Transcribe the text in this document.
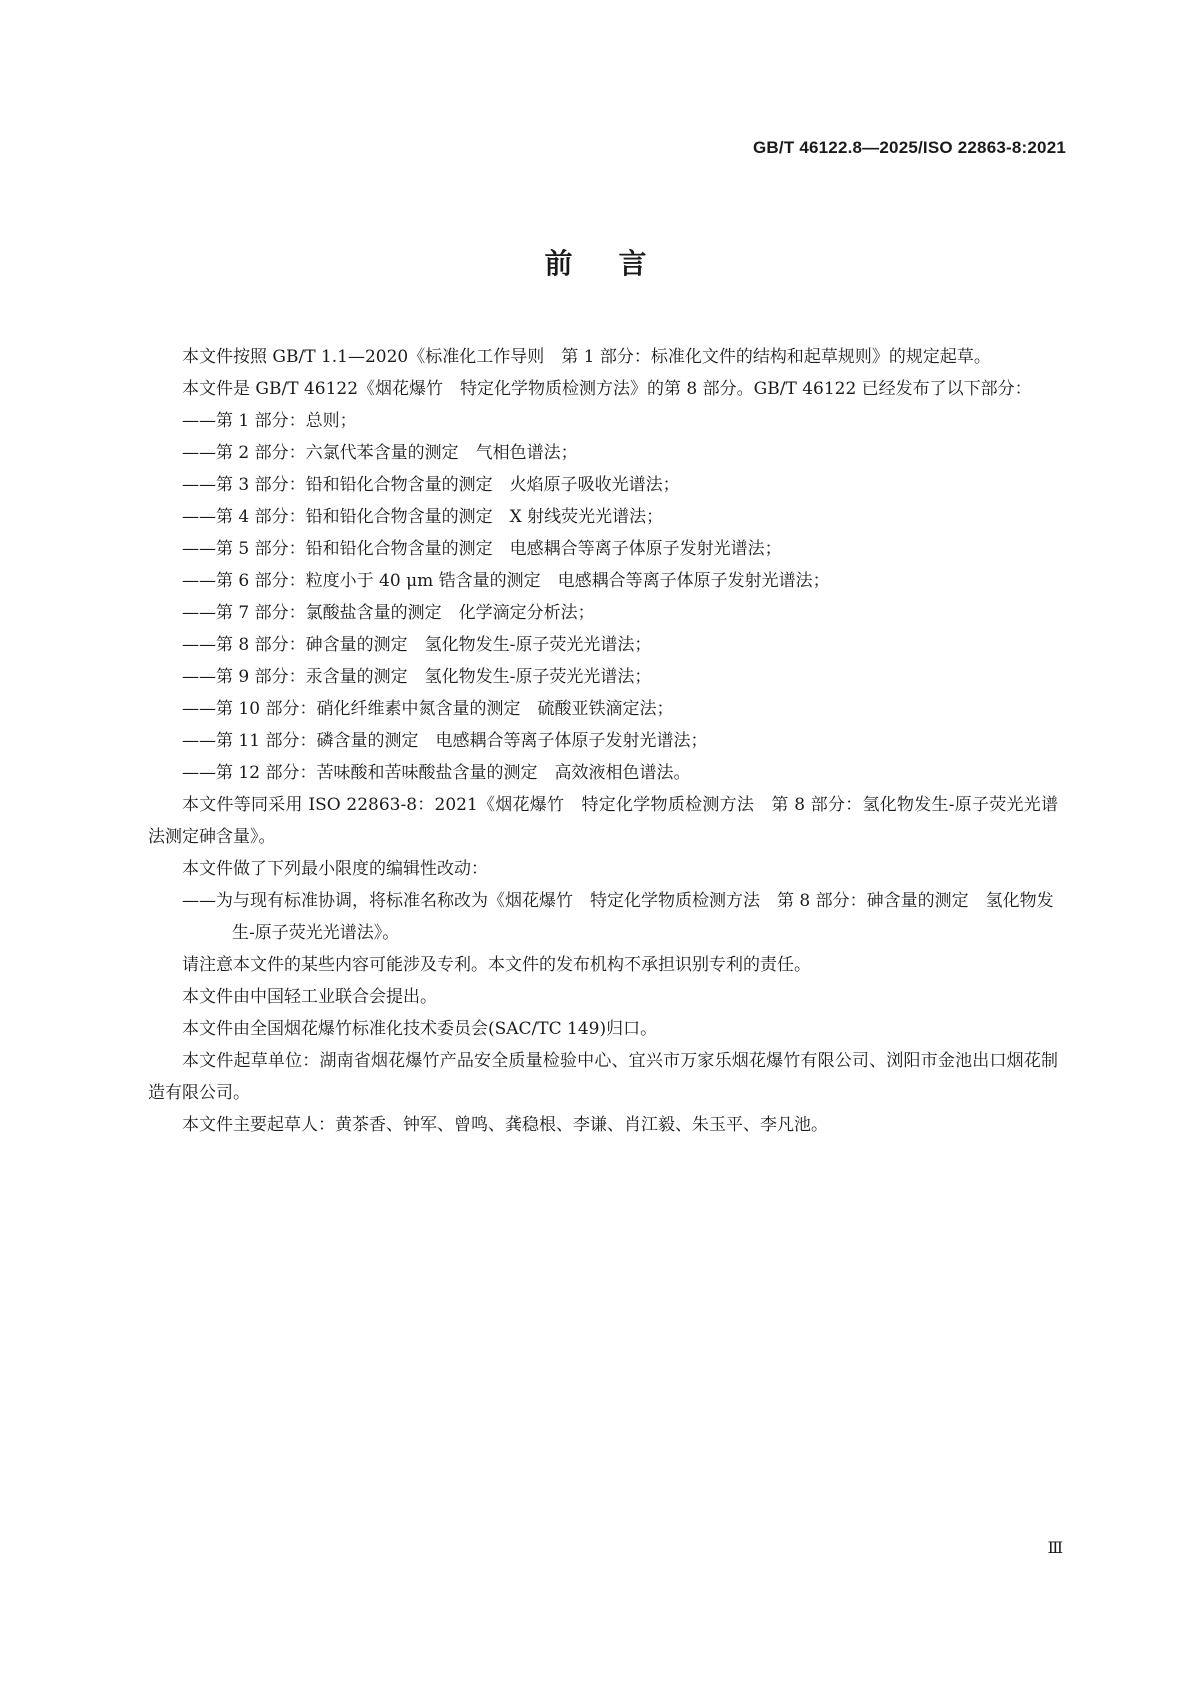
GB/T 46122.8—2025/ISO 22863-8:2021
前言

本文件按照 GB/T 1.1—2020《标准化工作导则　第 1 部分：标准化文件的结构和起草规则》的规定起草。

本文件是 GB/T 46122《烟花爆竹　特定化学物质检测方法》的第 8 部分。GB/T 46122 已经发布了以下部分：

——第 1 部分：总则；

——第 2 部分：六氯代苯含量的测定　气相色谱法；

——第 3 部分：铅和铅化合物含量的测定　火焰原子吸收光谱法；

——第 4 部分：铅和铅化合物含量的测定　X 射线荧光光谱法；

——第 5 部分：铅和铅化合物含量的测定　电感耦合等离子体原子发射光谱法；

——第 6 部分：粒度小于 40 μm 锆含量的测定　电感耦合等离子体原子发射光谱法；

——第 7 部分：氯酸盐含量的测定　化学滴定分析法；

——第 8 部分：砷含量的测定　氢化物发生-原子荧光光谱法；

——第 9 部分：汞含量的测定　氢化物发生-原子荧光光谱法；

——第 10 部分：硝化纤维素中氮含量的测定　硫酸亚铁滴定法；

——第 11 部分：磷含量的测定　电感耦合等离子体原子发射光谱法；

——第 12 部分：苦味酸和苦味酸盐含量的测定　高效液相色谱法。

本文件等同采用 ISO 22863-8：2021《烟花爆竹　特定化学物质检测方法　第 8 部分：氢化物发生-原子荧光光谱法测定砷含量》。

本文件做了下列最小限度的编辑性改动：

——为与现有标准协调，将标准名称改为《烟花爆竹　特定化学物质检测方法　第 8 部分：砷含量的测定　氢化物发生-原子荧光光谱法》。

请注意本文件的某些内容可能涉及专利。本文件的发布机构不承担识别专利的责任。

本文件由中国轻工业联合会提出。

本文件由全国烟花爆竹标准化技术委员会(SAC/TC 149)归口。

本文件起草单位：湖南省烟花爆竹产品安全质量检验中心、宜兴市万家乐烟花爆竹有限公司、浏阳市金池出口烟花制造有限公司。

本文件主要起草人：黄茶香、钟军、曾鸣、龚稳根、李谦、肖江毅、朱玉平、李凡池。

Ⅲ
